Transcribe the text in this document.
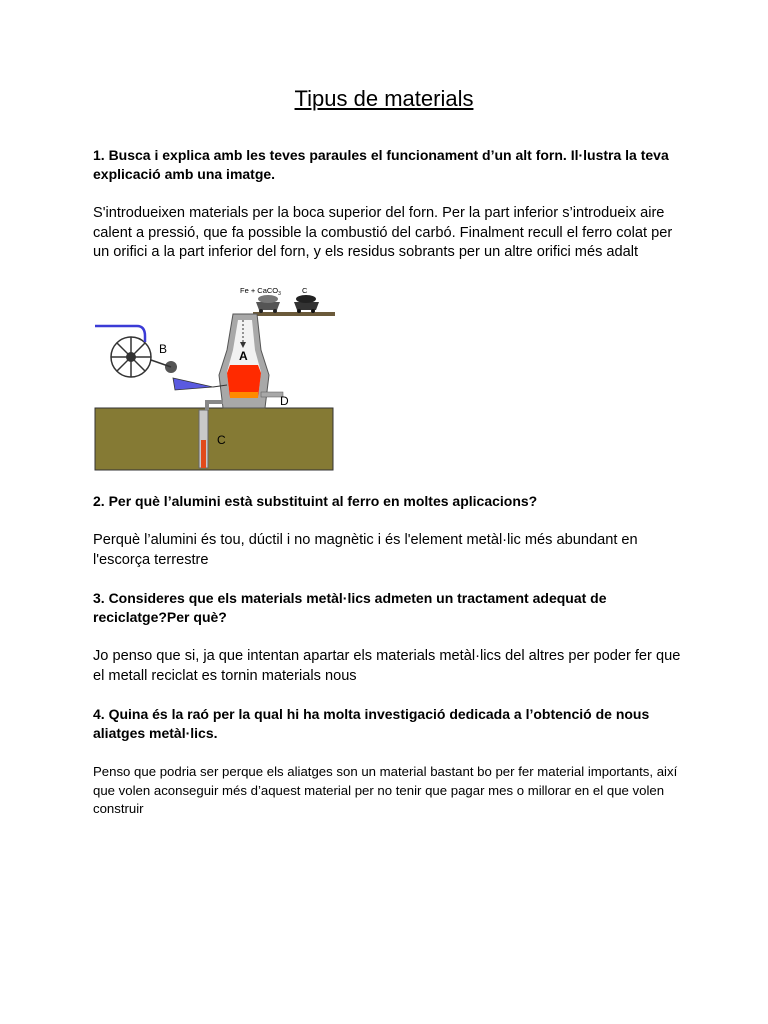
Tipus de materials
1. Busca i explica amb les teves paraules el funcionament d’un alt forn. Il·lustra la teva explicació amb una imatge.
S'introdueixen materials per la boca superior del forn. Per la part inferior s’introdueix aire calent a pressió, que fa possible la combustió del carbó. Finalment recull el ferro colat per un orifici a la part inferior del forn, y els residus sobrants per un altre orifici més adalt
Fe + CaCO$_3$	C
A
B
C
D
2. Per què l’alumini està substituint al ferro en moltes aplicacions?
Perquè l’alumini és tou, dúctil i no magnètic i és l'element metàl·lic més abundant en l'escorça terrestre
3. Consideres que els materials metàl·lics admeten un tractament adequat de reciclatge?Per què?
Jo penso que si, ja que intentan apartar els materials metàl·lics del altres per poder fer que el metall reciclat es tornin materials nous
4. Quina és la raó per la qual hi ha molta investigació dedicada a l’obtenció de nous aliatges metàl·lics.
Penso que podria ser perque els aliatges son un material bastant bo per fer material importants, així que volen aconseguir més d’aquest material per no tenir que pagar mes o millorar en el que volen construir
